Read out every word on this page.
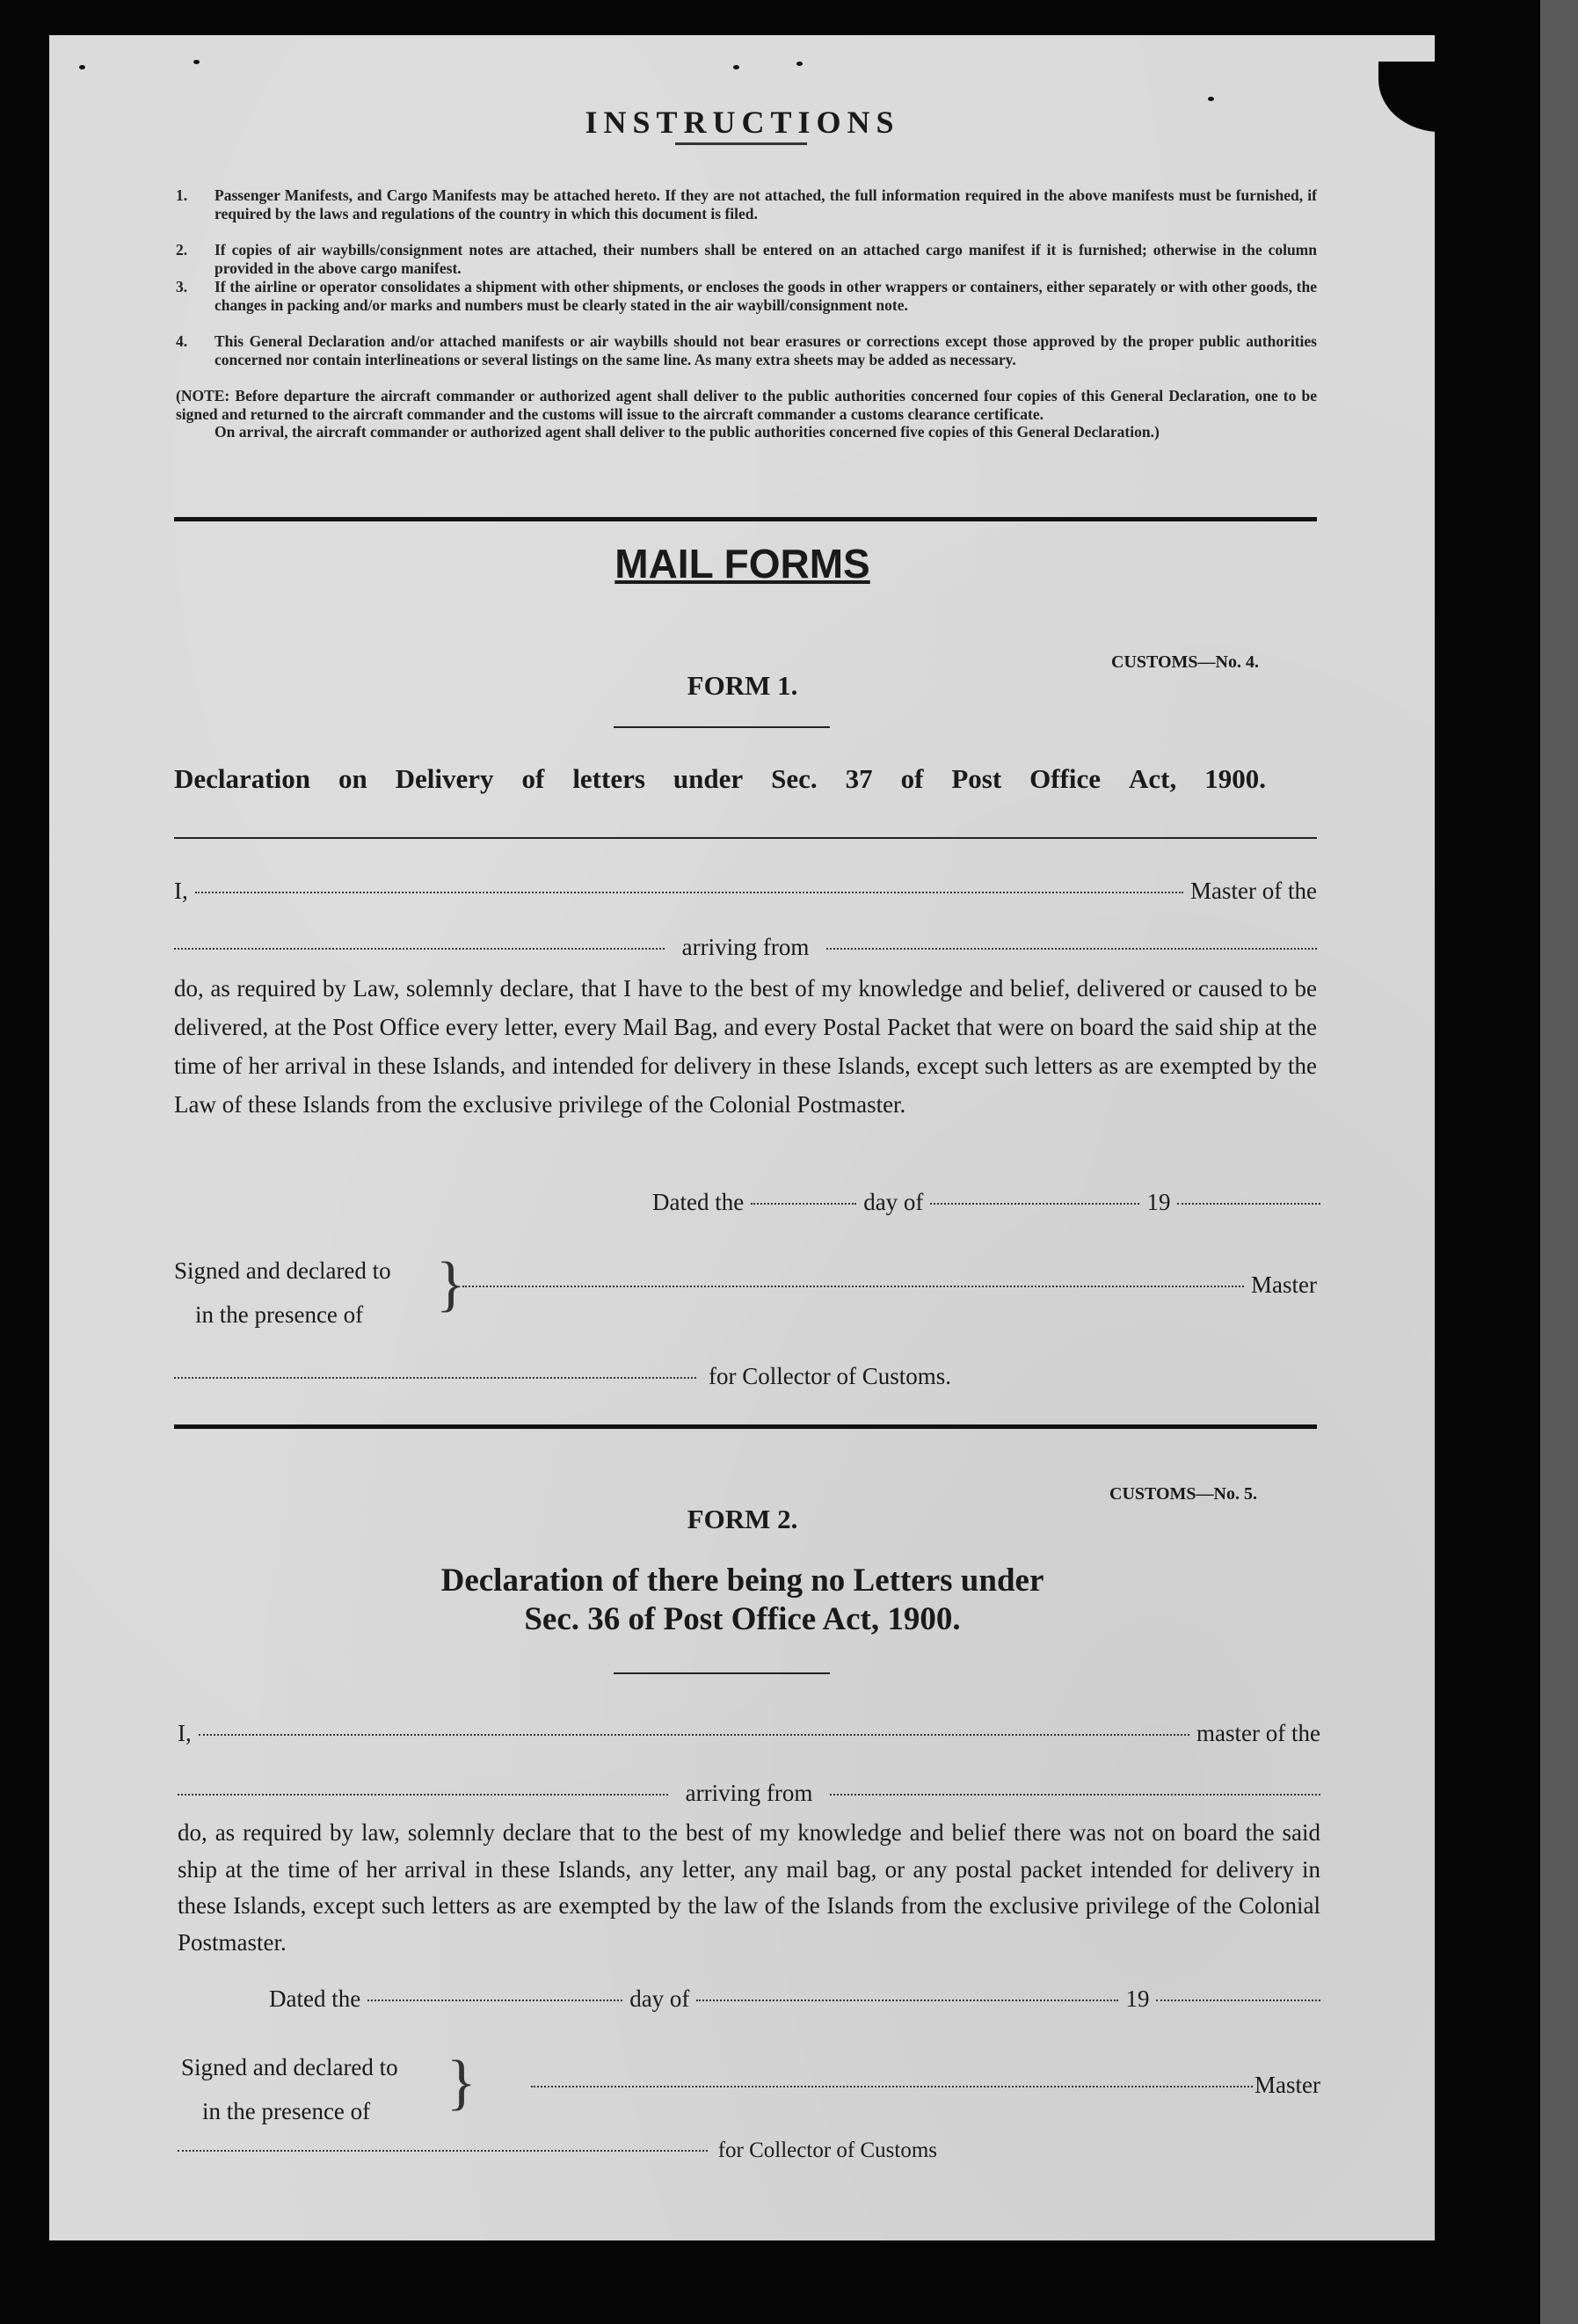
INSTRUCTIONS
1. Passenger Manifests, and Cargo Manifests may be attached hereto. If they are not attached, the full information required in the above manifests must be furnished, if required by the laws and regulations of the country in which this document is filed.
2. If copies of air waybills/consignment notes are attached, their numbers shall be entered on an attached cargo manifest if it is furnished; otherwise in the column provided in the above cargo manifest.
3. If the airline or operator consolidates a shipment with other shipments, or encloses the goods in other wrappers or containers, either separately or with other goods, the changes in packing and/or marks and numbers must be clearly stated in the air waybill/consignment note.
4. This General Declaration and/or attached manifests or air waybills should not bear erasures or corrections except those approved by the proper public authorities concerned nor contain interlineations or several listings on the same line. As many extra sheets may be added as necessary.
(NOTE: Before departure the aircraft commander or authorized agent shall deliver to the public authorities concerned four copies of this General Declaration, one to be signed and returned to the aircraft commander and the customs will issue to the aircraft commander a customs clearance certificate.
On arrival, the aircraft commander or authorized agent shall deliver to the public authorities concerned five copies of this General Declaration.)
MAIL FORMS
CUSTOMS—No. 4.
FORM 1.
Declaration on Delivery of letters under Sec. 37 of Post Office Act, 1900.
I,	Master of the
arriving from
do, as required by Law, solemnly declare, that I have to the best of my knowledge and belief, delivered or caused to be delivered, at the Post Office every letter, every Mail Bag, and every Postal Packet that were on board the said ship at the time of her arrival in these Islands, and intended for delivery in these Islands, except such letters as are exempted by the Law of these Islands from the exclusive privilege of the Colonial Postmaster.
Dated the	day of	19
Signed and declared to
in the presence of	}	Master
for Collector of Customs.
CUSTOMS—No. 5.
FORM 2.
Declaration of there being no Letters under
Sec. 36 of Post Office Act, 1900.
I,	master of the
arriving from
do, as required by law, solemnly declare that to the best of my knowledge and belief there was not on board the said ship at the time of her arrival in these Islands, any letter, any mail bag, or any postal packet intended for delivery in these Islands, except such letters as are exempted by the law of the Islands from the exclusive privilege of the Colonial Postmaster.
Dated the	day of	19
Signed and declared to
in the presence of	}	Master
for Collector of Customs
